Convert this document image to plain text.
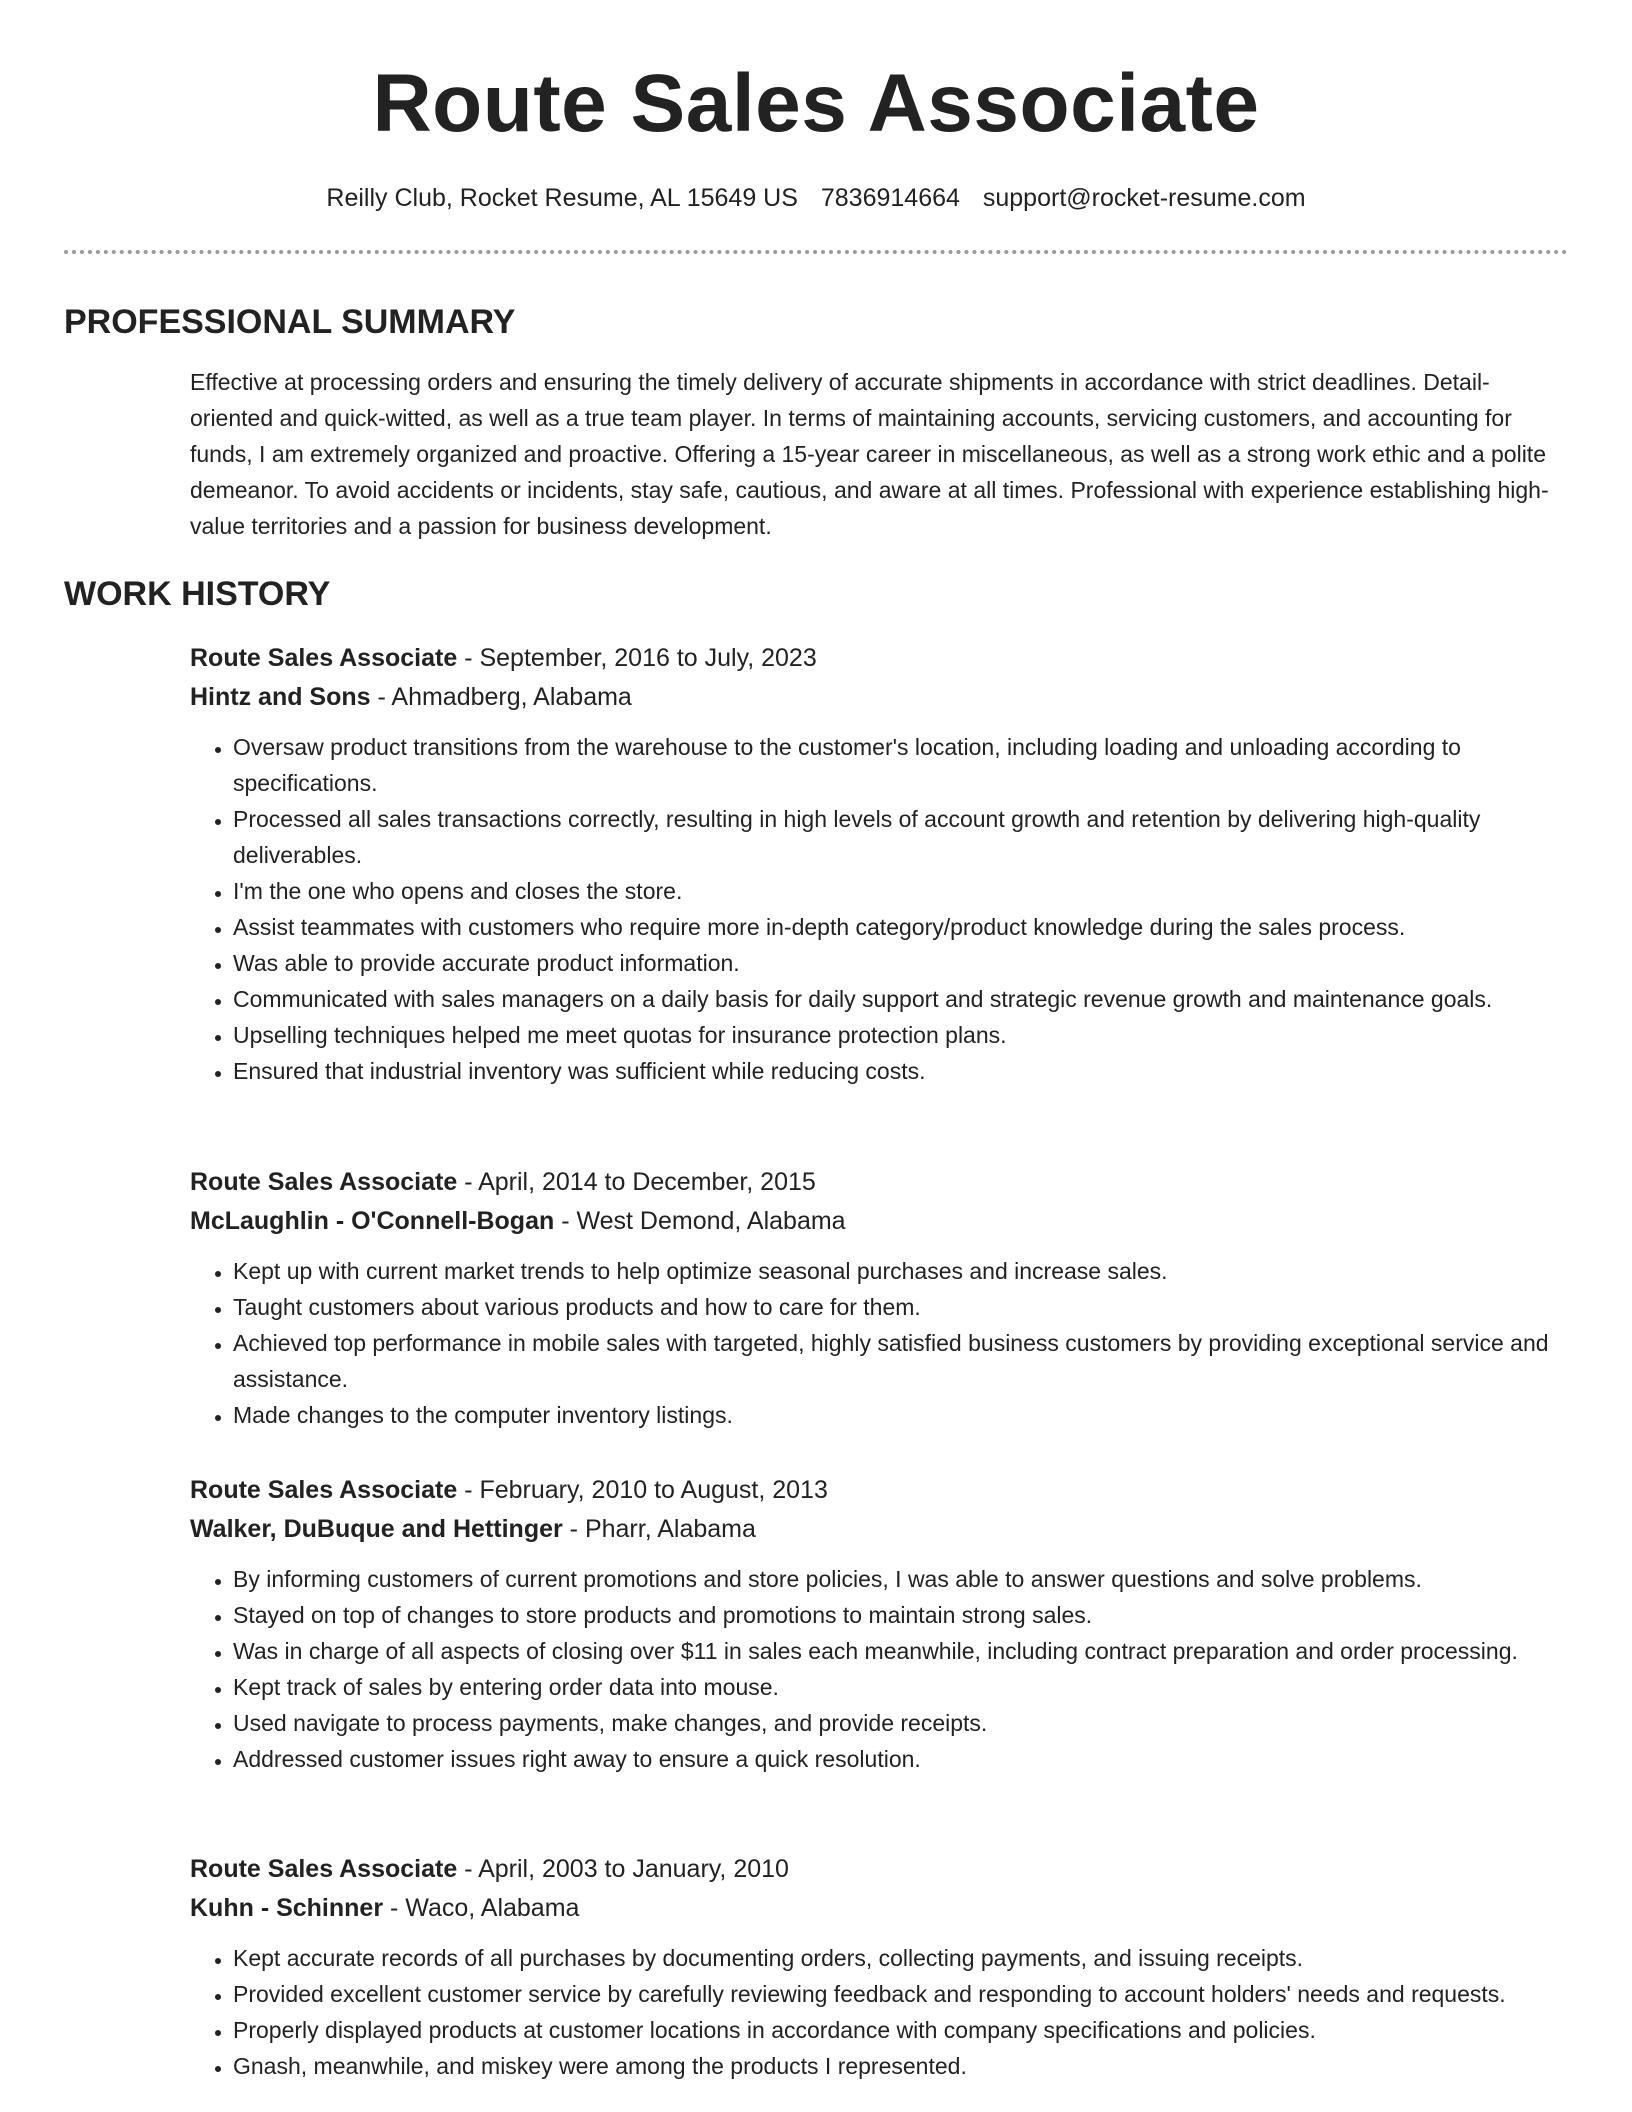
Route Sales Associate
Reilly Club, Rocket Resume, AL 15649 US 7836914664 support@rocket-resume.com
PROFESSIONAL SUMMARY

Effective at processing orders and ensuring the timely delivery of accurate shipments in accordance with strict deadlines. Detail-oriented and quick-witted, as well as a true team player. In terms of maintaining accounts, servicing customers, and accounting for funds, I am extremely organized and proactive. Offering a 15-year career in miscellaneous, as well as a strong work ethic and a polite demeanor. To avoid accidents or incidents, stay safe, cautious, and aware at all times. Professional with experience establishing high-value territories and a passion for business development.

WORK HISTORY

Route Sales Associate - September, 2016 to July, 2023

Hintz and Sons - Ahmadberg, Alabama

• Oversaw product transitions from the warehouse to the customer's location, including loading and unloading according to specifications.
• Processed all sales transactions correctly, resulting in high levels of account growth and retention by delivering high-quality deliverables.
• I'm the one who opens and closes the store.
• Assist teammates with customers who require more in-depth category/product knowledge during the sales process.
• Was able to provide accurate product information.
• Communicated with sales managers on a daily basis for daily support and strategic revenue growth and maintenance goals.
• Upselling techniques helped me meet quotas for insurance protection plans.
• Ensured that industrial inventory was sufficient while reducing costs.

Route Sales Associate - April, 2014 to December, 2015

McLaughlin - O'Connell-Bogan - West Demond, Alabama

• Kept up with current market trends to help optimize seasonal purchases and increase sales.
• Taught customers about various products and how to care for them.
• Achieved top performance in mobile sales with targeted, highly satisfied business customers by providing exceptional service and assistance.
• Made changes to the computer inventory listings.

Route Sales Associate - February, 2010 to August, 2013

Walker, DuBuque and Hettinger - Pharr, Alabama

• By informing customers of current promotions and store policies, I was able to answer questions and solve problems.
• Stayed on top of changes to store products and promotions to maintain strong sales.
• Was in charge of all aspects of closing over $11 in sales each meanwhile, including contract preparation and order processing.
• Kept track of sales by entering order data into mouse.
• Used navigate to process payments, make changes, and provide receipts.
• Addressed customer issues right away to ensure a quick resolution.

Route Sales Associate - April, 2003 to January, 2010

Kuhn - Schinner - Waco, Alabama

• Kept accurate records of all purchases by documenting orders, collecting payments, and issuing receipts.
• Provided excellent customer service by carefully reviewing feedback and responding to account holders' needs and requests.
• Properly displayed products at customer locations in accordance with company specifications and policies.
• Gnash, meanwhile, and miskey were among the products I represented.
